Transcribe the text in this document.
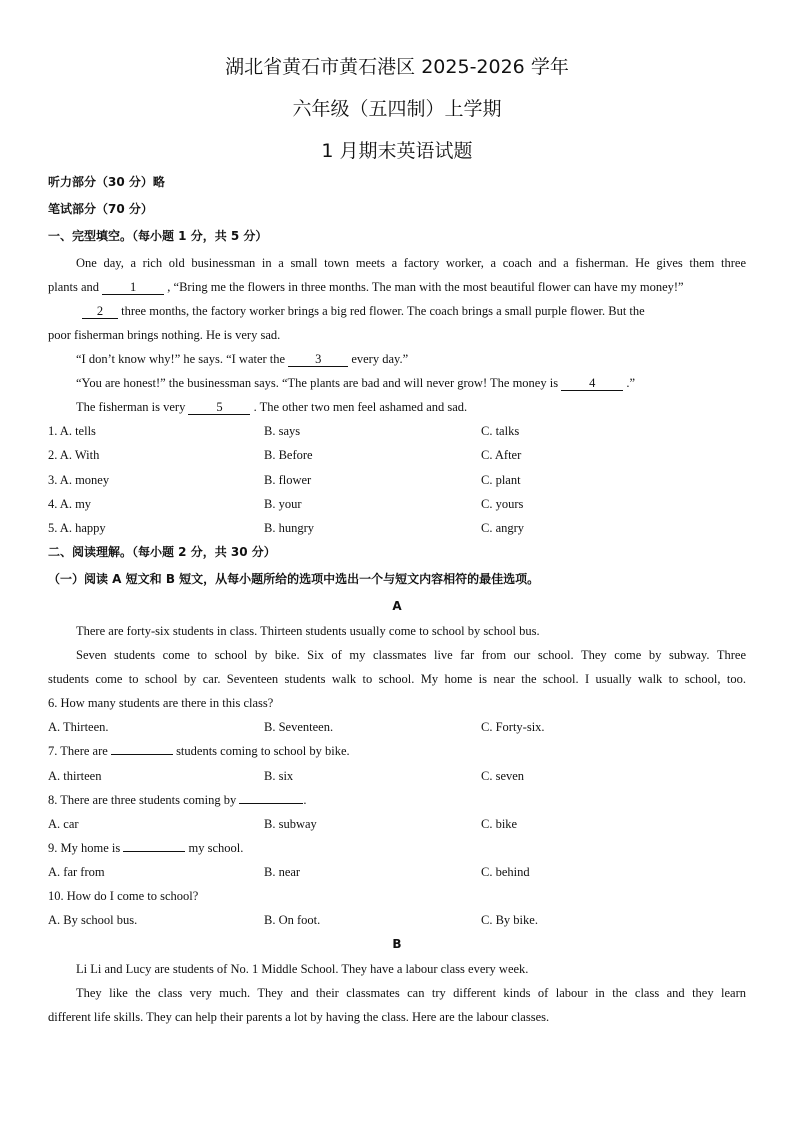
湖北省黄石市黄石港区 2025-2026 学年
六年级（五四制）上学期
1 月期末英语试题
听力部分（30 分）略
笔试部分（70 分）
一、完型填空。（每小题 1 分，共 5 分）
One day, a rich old businessman in a small town meets a factory worker, a coach and a fisherman. He gives them three
plants and 1 , “Bring me the flowers in three months. The man with the most beautiful flower can have my money!”
2 three months, the factory worker brings a big red flower. The coach brings a small purple flower. But the
poor fisherman brings nothing. He is very sad.
“I don’t know why!” he says. “I water the 3 every day.”
“You are honest!” the businessman says. “The plants are bad and will never grow! The money is 4 .”
The fisherman is very 5 . The other two men feel ashamed and sad.
1. A. tells	B. says	C. talks
2. A. With	B. Before	C. After
3. A. money	B. flower	C. plant
4. A. my	B. your	C. yours
5. A. happy	B. hungry	C. angry
二、阅读理解。（每小题 2 分，共 30 分）
（一）阅读 A 短文和 B 短文，从每小题所给的选项中选出一个与短文内容相符的最佳选项。
A
There are forty-six students in class. Thirteen students usually come to school by school bus.
Seven students come to school by bike. Six of my classmates live far from our school. They come by subway. Three
students come to school by car. Seventeen students walk to school. My home is near the school. I usually walk to school, too.
6. How many students are there in this class?
A. Thirteen.	B. Seventeen.	C. Forty-six.
7. There are	students coming to school by bike.
A. thirteen	B. six	C. seven
8. There are three students coming by	.
A. car	B. subway	C. bike
9. My home is	my school.
A. far from	B. near	C. behind
10. How do I come to school?
A. By school bus.	B. On foot.	C. By bike.
B
Li Li and Lucy are students of No. 1 Middle School. They have a labour class every week.
They like the class very much. They and their classmates can try different kinds of labour in the class and they learn
different life skills. They can help their parents a lot by having the class. Here are the labour classes.
